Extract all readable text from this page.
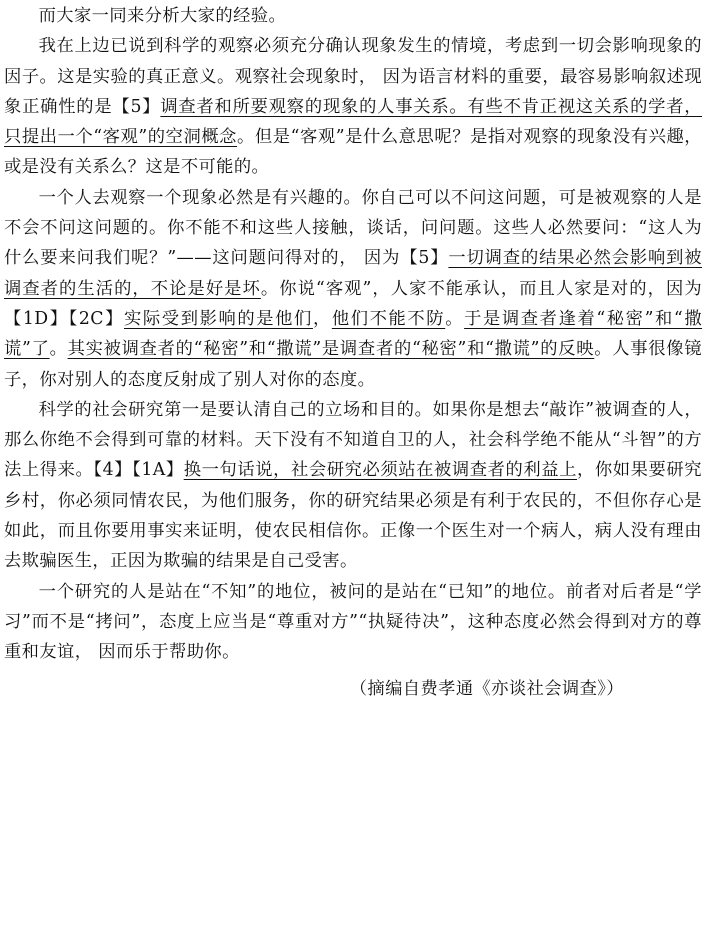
而大家一同来分析大家的经验。

我在上边已说到科学的观察必须充分确认现象发生的情境，考虑到一切会影响现象的 因子。这是实验的真正意义。观察社会现象时， 因为语言材料的重要，最容易影响叙述现象正确性的是【5】调查者和所要观察的现象的人事关系。有些不肯正视这关系的学者，只提出一个“客观”的空洞概念。但是“客观”是什么意思呢？是指对观察的现象没有兴趣，或是没有关系么？这是不可能的。

一个人去观察一个现象必然是有兴趣的。你自己可以不问这问题，可是被观察的人是不会不问这问题的。你不能不和这些人接触，谈话，问问题。这些人必然要问：“这人为什么要来问我们呢？”——这问题问得对的， 因为【5】一切调查的结果必然会影响到被调查者的生活的，不论是好是坏。你说“客观”，人家不能承认，而且人家是对的，因为【1D】【2C】实际受到影响的是他们，他们不能不防。于是调查者逢着“秘密”和“撒谎”了。其实被调查者的“秘密”和“撒谎”是调查者的“秘密”和“撒谎”的反映。人事很像镜子，你对别人的态度反射成了别人对你的态度。

科学的社会研究第一是要认清自己的立场和目的。如果你是想去“敲诈”被调查的人， 那么你绝不会得到可靠的材料。天下没有不知道自卫的人，社会科学绝不能从“斗智”的方法上得来。【4】【1A】换一句话说，社会研究必须站在被调查者的利益上，你如果要研究乡村，你必须同情农民，为他们服务，你的研究结果必须是有利于农民的，不但你存心是如此，而且你要用事实来证明，使农民相信你。正像一个医生对一个病人，病人没有理由去欺骗医生，正因为欺骗的结果是自己受害。

一个研究的人是站在“不知”的地位，被问的是站在“已知”的地位。前者对后者是“学习”而不是“拷问”，态度上应当是“尊重对方”“执疑待决”，这种态度必然会得到对方的尊重和友谊， 因而乐于帮助你。

（摘编自费孝通《亦谈社会调查》）
